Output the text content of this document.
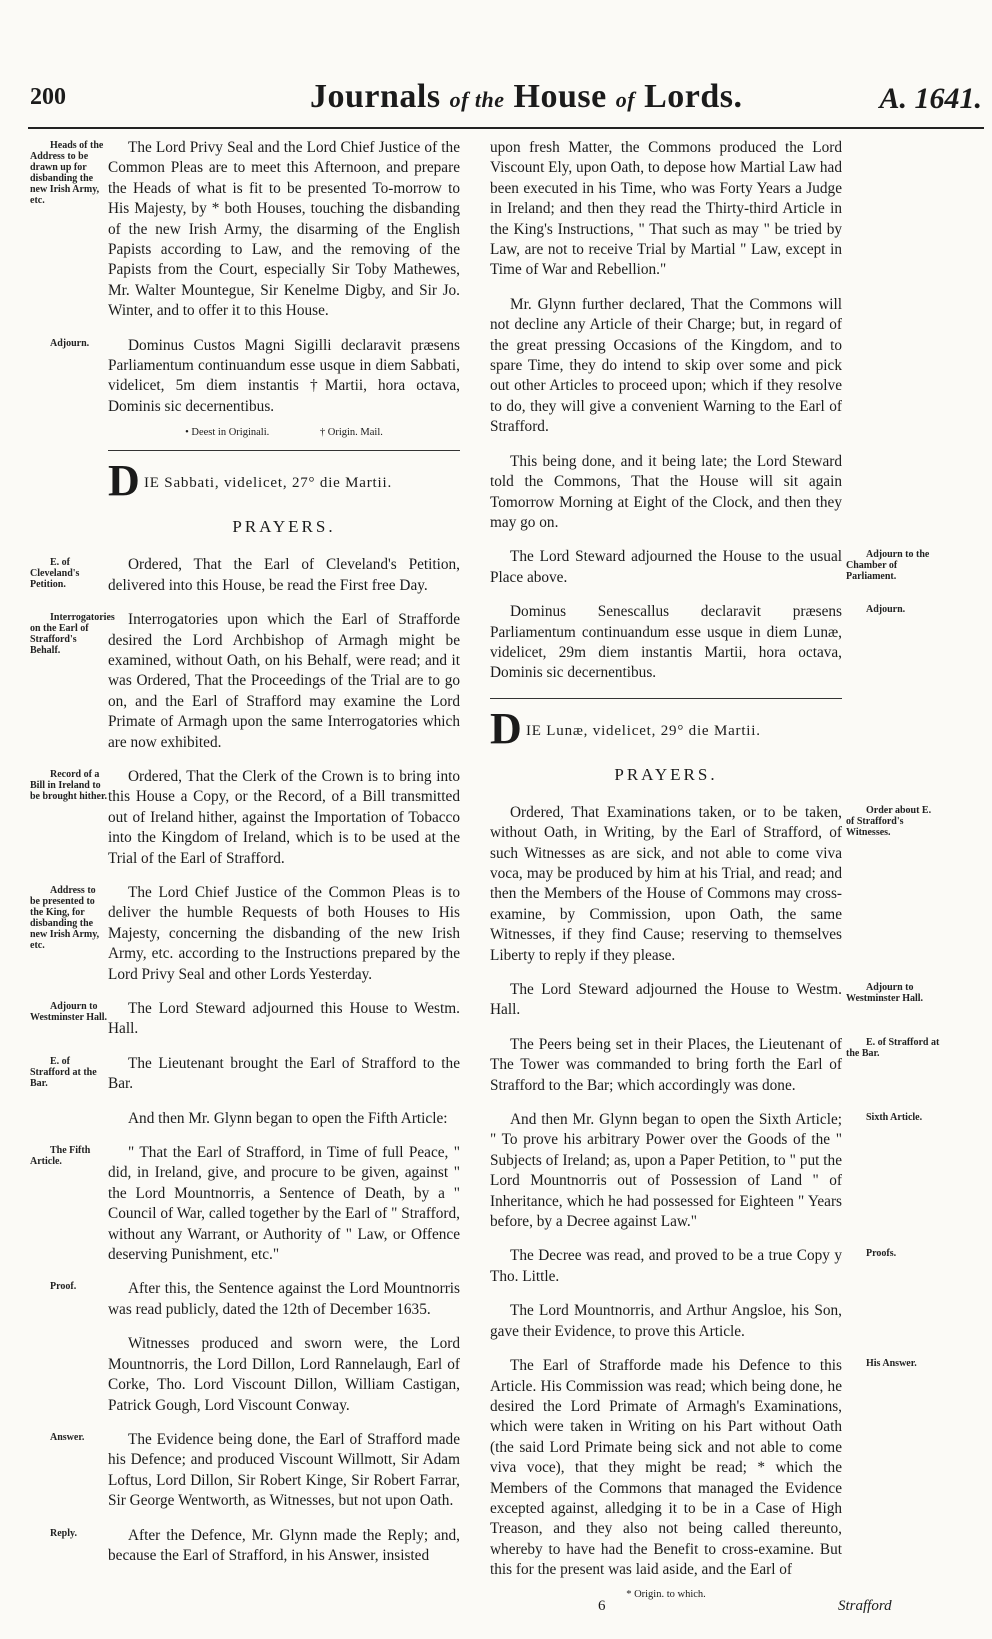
200	Journals of the House of Lords.	A. 1641.
Heads of the Address to be drawn up for disbanding the new Irish Army, etc.
The Lord Privy Seal and the Lord Chief Justice of the Common Pleas are to meet this Afternoon, and prepare the Heads of what is fit to be presented To-morrow to His Majesty, by * both Houses, touching the disbanding of the new Irish Army, the disarming of the English Papists according to Law, and the removing of the Papists from the Court, especially Sir Toby Mathewes, Mr. Walter Mountegue, Sir Kenelme Digby, and Sir Jo. Winter, and to offer it to this House.
Adjourn.	Dominus Custos Magni Sigilli declaravit præsens Parliamentum continuandum esse usque in diem Sabbati, videlicet, 5m diem instantis †Martii, hora octava, Dominis sic decernentibus.
• Deest in Originali.	† Origin. Mail.
D IE Sabbati, videlicet, 27° die Martii.
PRAYERS.
E. of Cleveland's Petition.
Ordered, That the Earl of Cleveland's Petition, delivered into this House, be read the First free Day.
Interrogatories on the Earl of Strafford's Behalf.
Interrogatories upon which the Earl of Strafforde desired the Lord Archbishop of Armagh might be examined, without Oath, on his Behalf, were read; and it was Ordered, That the Proceedings of the Trial are to go on, and the Earl of Strafford may examine the Lord Primate of Armagh upon the same Interrogatories which are now exhibited.
Record of a Bill in Ireland to be brought hither.
Ordered, That the Clerk of the Crown is to bring into this House a Copy, or the Record, of a Bill transmitted out of Ireland hither, against the Importation of Tobacco into the Kingdom of Ireland, which is to be used at the Trial of the Earl of Strafford.
Address to be presented to the King, for disbanding the new Irish Army, etc.
The Lord Chief Justice of the Common Pleas is to deliver the humble Requests of both Houses to His Majesty, concerning the disbanding of the new Irish Army, etc. according to the Instructions prepared by the Lord Privy Seal and other Lords Yesterday.
Adjourn to Westminster Hall.
The Lord Steward adjourned this House to Westm. Hall.
E. of Strafford at the Bar.
The Lieutenant brought the Earl of Strafford to the Bar.
And then Mr. Glynn began to open the Fifth Article:
The Fifth Article.
" That the Earl of Strafford, in Time of full Peace, " did, in Ireland, give, and procure to be given, against " the Lord Mountnorris, a Sentence of Death, by a " Council of War, called together by the Earl of " Strafford, without any Warrant, or Authority of " Law, or Offence deserving Punishment, etc."
Proof.	After this, the Sentence against the Lord Mountnorris was read publicly, dated the 12th of December 1635.
Witnesses produced and sworn were, the Lord Mountnorris, the Lord Dillon, Lord Rannelaugh, Earl of Corke, Tho. Lord Viscount Dillon, William Castigan, Patrick Gough, Lord Viscount Conway.
Answer.	The Evidence being done, the Earl of Strafford made his Defence; and produced Viscount Willmott, Sir Adam Loftus, Lord Dillon, Sir Robert Kinge, Sir Robert Farrar, Sir George Wentworth, as Witnesses, but not upon Oath.
Reply.	After the Defence, Mr. Glynn made the Reply; and, because the Earl of Strafford, in his Answer, insisted
upon fresh Matter, the Commons produced the Lord Viscount Ely, upon Oath, to depose how Martial Law had been executed in his Time, who was Forty Years a Judge in Ireland; and then they read the Thirty-third Article in the King's Instructions, " That such as may " be tried by Law, are not to receive Trial by Martial " Law, except in Time of War and Rebellion."
Mr. Glynn further declared, That the Commons will not decline any Article of their Charge; but, in regard of the great pressing Occasions of the Kingdom, and to spare Time, they do intend to skip over some and pick out other Articles to proceed upon; which if they resolve to do, they will give a convenient Warning to the Earl of Strafford.
This being done, and it being late; the Lord Steward told the Commons, That the House will sit again Tomorrow Morning at Eight of the Clock, and then they may go on.
Adjourn to the Chamber of Parliament.
The Lord Steward adjourned the House to the usual Place above.
Adjourn.
Dominus Senescallus declaravit præsens Parliamentum continuandum esse usque in diem Lunæ, videlicet, 29m diem instantis Martii, hora octava, Dominis sic decernentibus.
D IE Lunæ, videlicet, 29° die Martii.
PRAYERS.
Order about E. of Strafford's Witnesses.
Ordered, That Examinations taken, or to be taken, without Oath, in Writing, by the Earl of Strafford, of such Witnesses as are sick, and not able to come viva voca, may be produced by him at his Trial, and read; and then the Members of the House of Commons may cross-examine, by Commission, upon Oath, the same Witnesses, if they find Cause; reserving to themselves Liberty to reply if they please.
Adjourn to Westminster Hall.
The Lord Steward adjourned the House to Westm. Hall.
E. of Strafford at the Bar.
The Peers being set in their Places, the Lieutenant of The Tower was commanded to bring forth the Earl of Strafford to the Bar; which accordingly was done.
Sixth Article.
And then Mr. Glynn began to open the Sixth Article; " To prove his arbitrary Power over the Goods of the " Subjects of Ireland; as, upon a Paper Petition, to " put the Lord Mountnorris out of Possession of Land " of Inheritance, which he had possessed for Eighteen " Years before, by a Decree against Law."
Proofs.
The Decree was read, and proved to be a true Copy y Tho. Little.
The Lord Mountnorris, and Arthur Angsloe, his Son, gave their Evidence, to prove this Article.
His Answer.
The Earl of Strafforde made his Defence to this Article. His Commission was read; which being done, he desired the Lord Primate of Armagh's Examinations, which were taken in Writing on his Part without Oath (the said Lord Primate being sick and not able to come viva voce), that they might be read; * which the Members of the Commons that managed the Evidence excepted against, alledging it to be in a Case of High Treason, and they also not being called thereunto, whereby to have had the Benefit to cross-examine. But this for the present was laid aside, and the Earl of
* Origin. to which.
6	Strafford
